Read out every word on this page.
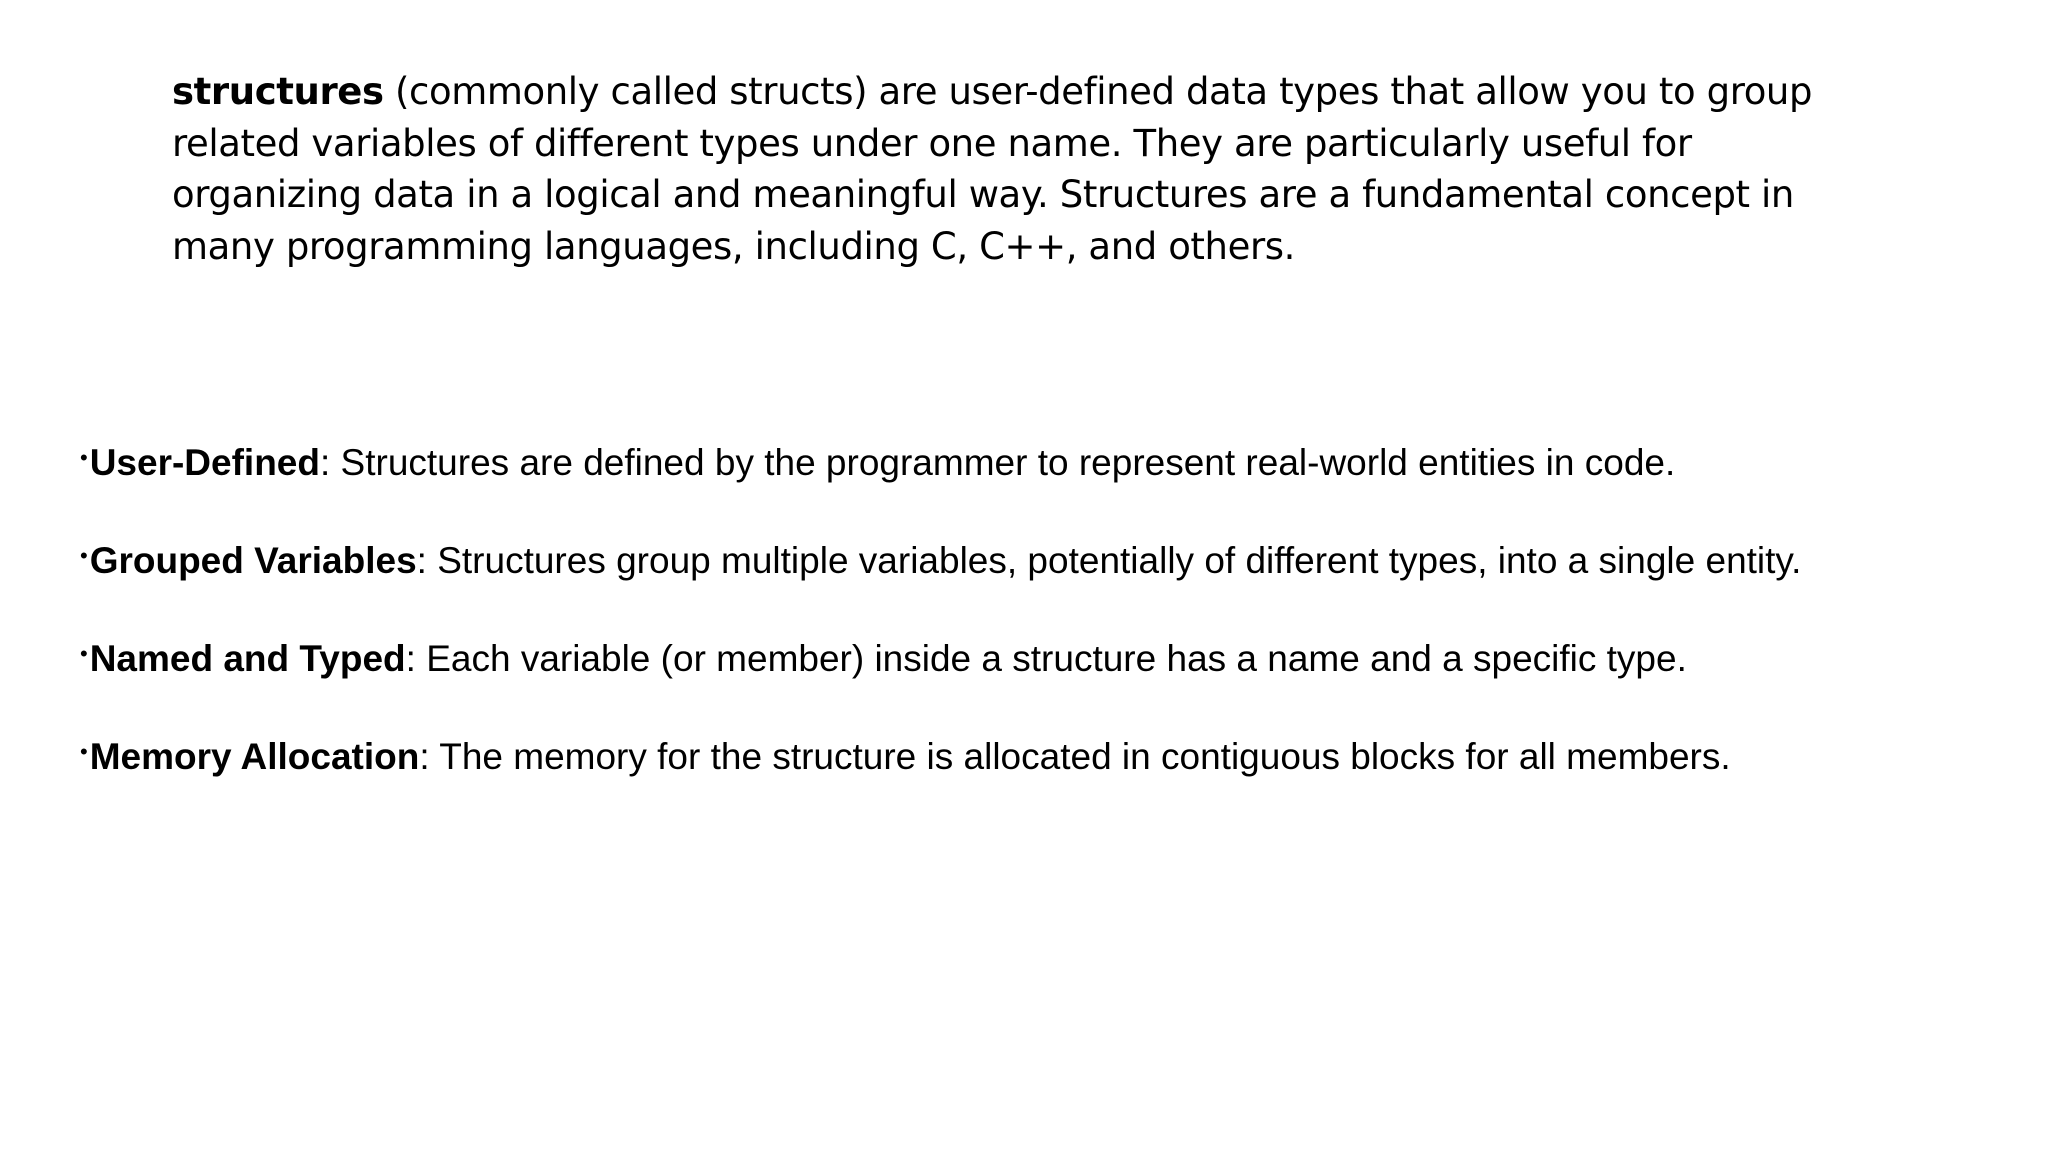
structures (commonly called structs) are user-defined data types that allow you to group related variables of different types under one name. They are particularly useful for organizing data in a logical and meaningful way. Structures are a fundamental concept in many programming languages, including C, C++, and others.

•User-Defined: Structures are defined by the programmer to represent real-world entities in code.
•Grouped Variables: Structures group multiple variables, potentially of different types, into a single entity.
•Named and Typed: Each variable (or member) inside a structure has a name and a specific type.
•Memory Allocation: The memory for the structure is allocated in contiguous blocks for all members.
